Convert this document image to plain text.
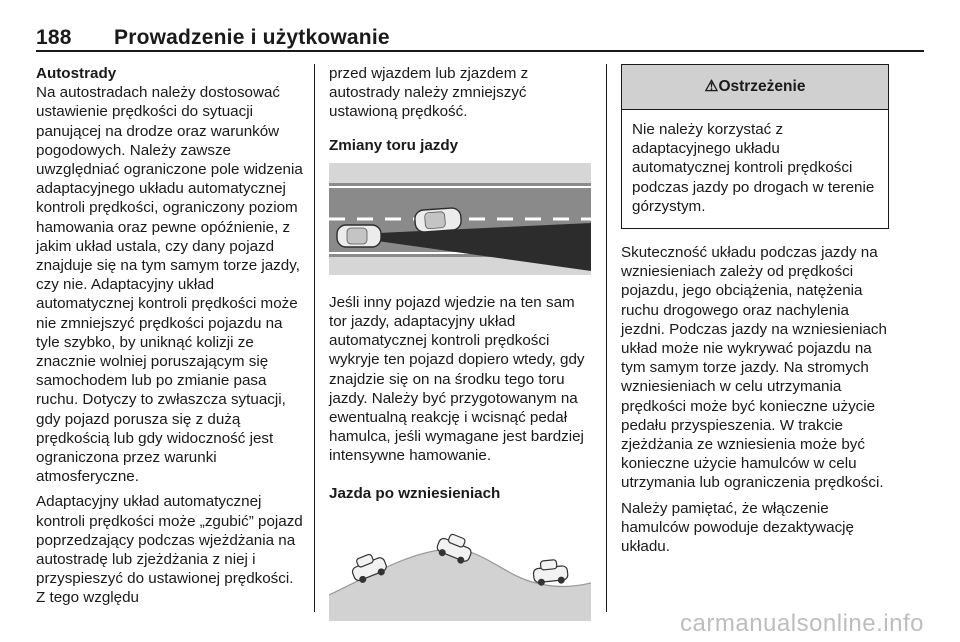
188 Prowadzenie i użytkowanie
Autostrady

Na autostradach należy dostosować ustawienie prędkości do sytuacji panującej na drodze oraz warunków pogodowych. Należy zawsze uwzględniać ograniczone pole widzenia adaptacyjnego układu automatycznej kontroli prędkości, ograniczony poziom hamowania oraz pewne opóźnienie, z jakim układ ustala, czy dany pojazd znajduje się na tym samym torze jazdy, czy nie. Adaptacyjny układ automatycznej kontroli prędkości może nie zmniejszyć prędkości pojazdu na tyle szybko, by uniknąć kolizji ze znacznie wolniej poruszającym się samochodem lub po zmianie pasa ruchu. Dotyczy to zwłaszcza sytuacji, gdy pojazd porusza się z dużą prędkością lub gdy widoczność jest ograniczona przez warunki atmosferyczne.

Adaptacyjny układ automatycznej kontroli prędkości może „zgubić” pojazd poprzedzający podczas wjeżdżania na autostradę lub zjeżdżania z niej i przyspieszyć do ustawionej prędkości. Z tego względu

przed wjazdem lub zjazdem z autostrady należy zmniejszyć ustawioną prędkość.

Zmiany toru jazdy

Jeśli inny pojazd wjedzie na ten sam tor jazdy, adaptacyjny układ automatycznej kontroli prędkości wykryje ten pojazd dopiero wtedy, gdy znajdzie się on na środku tego toru jazdy. Należy być przygotowanym na ewentualną reakcję i wcisnąć pedał hamulca, jeśli wymagane jest bardziej intensywne hamowanie.

Jazda po wzniesieniach
⚠Ostrzeżenie
Nie należy korzystać z adaptacyjnego układu automatycznej kontroli prędkości podczas jazdy po drogach w terenie górzystym.

Skuteczność układu podczas jazdy na wzniesieniach zależy od prędkości pojazdu, jego obciążenia, natężenia ruchu drogowego oraz nachylenia jezdni. Podczas jazdy na wzniesieniach układ może nie wykrywać pojazdu na tym samym torze jazdy. Na stromych wzniesieniach w celu utrzymania prędkości może być konieczne użycie pedału przyspieszenia. W trakcie zjeżdżania ze wzniesienia może być konieczne użycie hamulców w celu utrzymania lub ograniczenia prędkości.

Należy pamiętać, że włączenie hamulców powoduje dezaktywację układu.

carmanualsonline.info
